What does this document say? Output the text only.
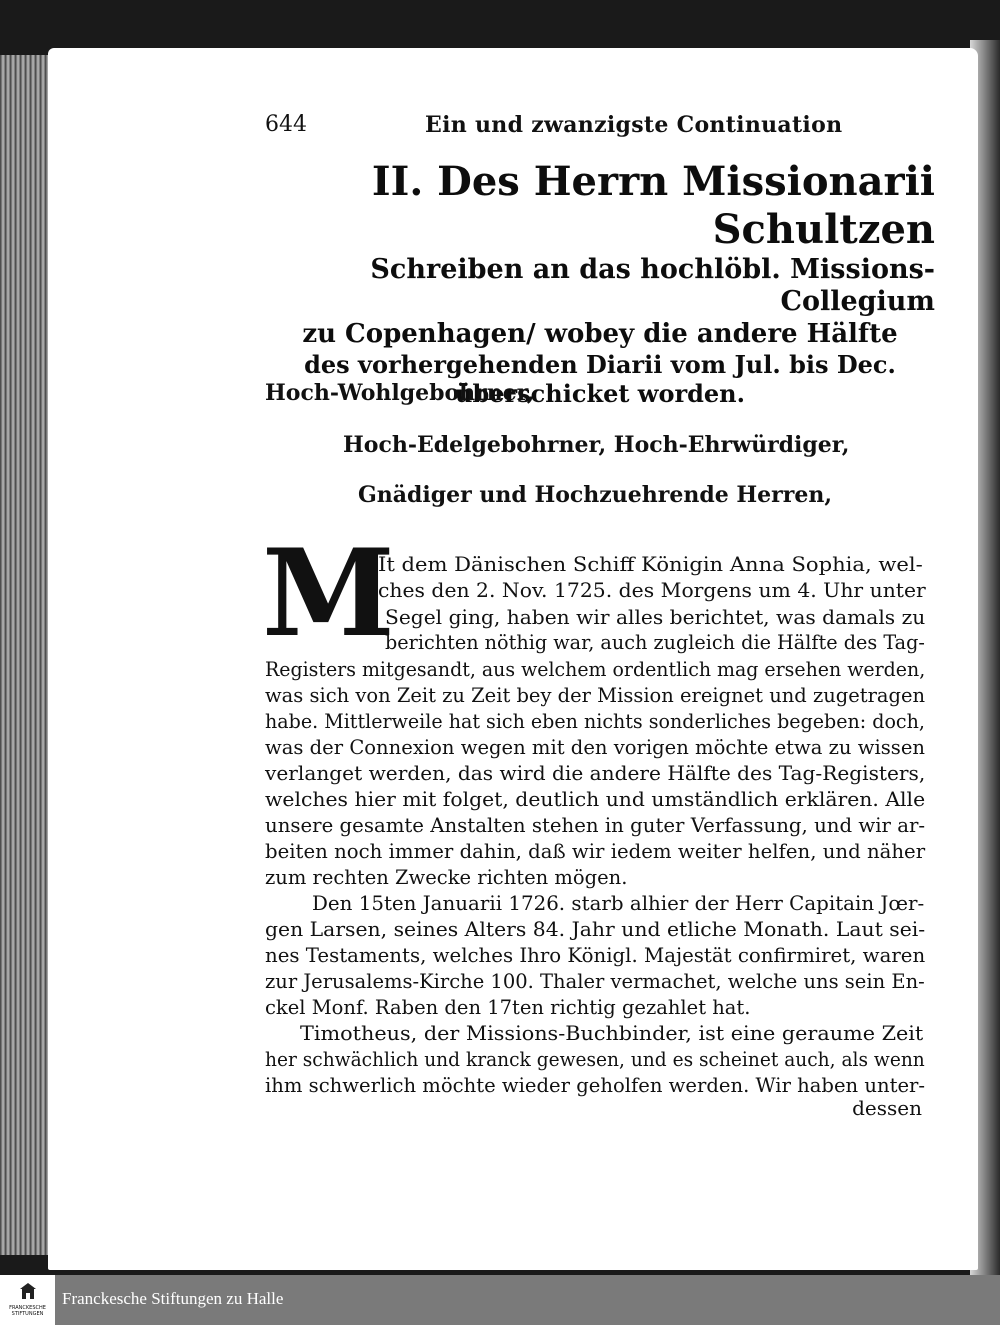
644	Ein und zwanzigste Continuation
II. Des Herrn Missionarii Schultzen
Schreiben an das hochlöbl. Missions-Collegium
zu Copenhagen/ wobey die andere Hälfte
des vorhergehenden Diarii vom Jul. bis Dec.
überschicket worden.
Hoch-Wohlgebohrner,
Hoch-Edelgebohrner, Hoch-Ehrwürdiger,
Gnädiger und Hochzuehrende Herren,
M
It dem Dänischen Schiff Königin Anna Sophia, wel-
ches den 2. Nov. 1725. des Morgens um 4. Uhr unter
Segel ging, haben wir alles berichtet, was damals zu
berichten nöthig war, auch zugleich die Hälfte des Tag-
Registers mitgesandt, aus welchem ordentlich mag ersehen werden,
was sich von Zeit zu Zeit bey der Mission ereignet und zugetragen
habe. Mittlerweile hat sich eben nichts sonderliches begeben: doch,
was der Connexion wegen mit den vorigen möchte etwa zu wissen
verlanget werden, das wird die andere Hälfte des Tag-Registers,
welches hier mit folget, deutlich und umständlich erklären. Alle
unsere gesamte Anstalten stehen in guter Verfassung, und wir ar-
beiten noch immer dahin, daß wir iedem weiter helfen, und näher
zum rechten Zwecke richten mögen.
Den 15ten Januarii 1726. starb alhier der Herr Capitain Jœr-
gen Larsen, seines Alters 84. Jahr und etliche Monath. Laut sei-
nes Testaments, welches Ihro Königl. Majestät confirmiret, waren
zur Jerusalems-Kirche 100. Thaler vermachet, welche uns sein En-
ckel Monf. Raben den 17ten richtig gezahlet hat.
Timotheus, der Missions-Buchbinder, ist eine geraume Zeit
her schwächlich und kranck gewesen, und es scheinet auch, als wenn
ihm schwerlich möchte wieder geholfen werden. Wir haben unter-
dessen
FRANCKESCHE
STIFTUNGEN
Franckesche Stiftungen zu Halle
